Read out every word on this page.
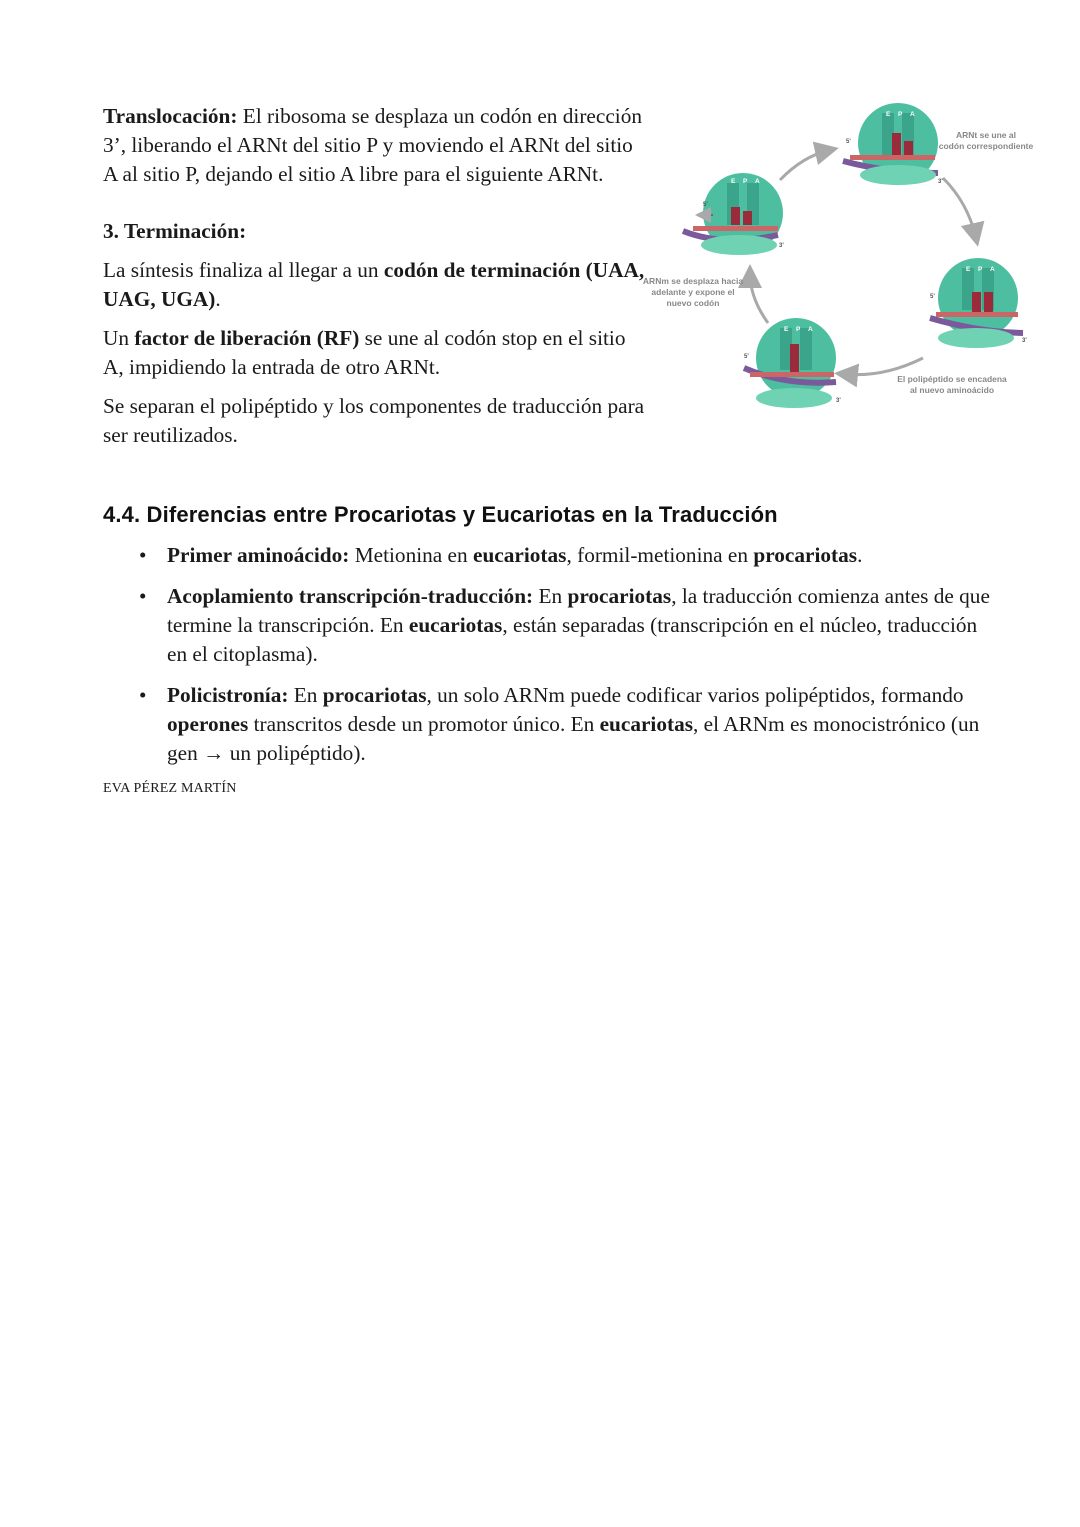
Translocación: El ribosoma se desplaza un codón en dirección 3’, liberando el ARNt del sitio P y moviendo el ARNt del sitio A al sitio P, dejando el sitio A libre para el siguiente ARNt.

3. Terminación:

La síntesis finaliza al llegar a un codón de terminación (UAA, UAG, UGA).

Un factor de liberación (RF) se une al codón stop en el sitio A, impidiendo la entrada de otro ARNt.

Se separan el polipéptido y los componentes de traducción para ser reutilizados.

E P A
5'
3'
E P A
5'
3'
E P A
5'
3'
E P A
5'
3'
ARNt se une al
codón correspondiente
ARNm se desplaza hacia
adelante y expone el
nuevo codón
El polipéptido se encadena
al nuevo aminoácido
4.4. Diferencias entre Procariotas y Eucariotas en la Traducción
• Primer aminoácido: Metionina en eucariotas, formil-metionina en procariotas.
• Acoplamiento transcripción-traducción: En procariotas, la traducción comienza antes de que termine la transcripción. En eucariotas, están separadas (transcripción en el núcleo, traducción en el citoplasma).
• Policistronía: En procariotas, un solo ARNm puede codificar varios polipéptidos, formando operones transcritos desde un promotor único. En eucariotas, el ARNm es monocistrónico (un gen → un polipéptido).
EVA PÉREZ MARTÍN
